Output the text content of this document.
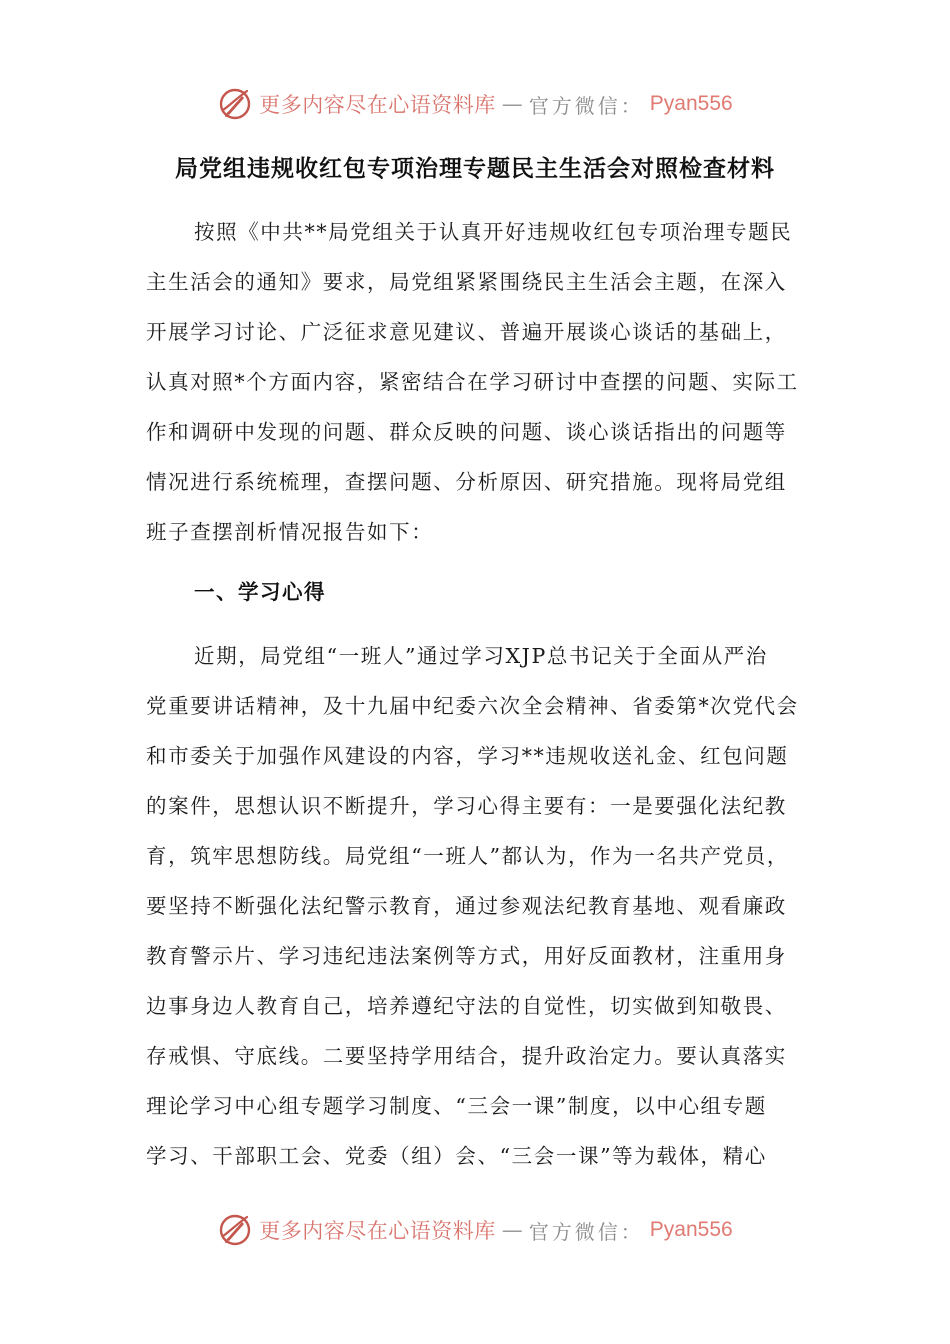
更多内容尽在心语资料库 — 官方微信： Pyan556
局党组违规收红包专项治理专题民主生活会对照检查材料
按照《中共**局党组关于认真开好违规收红包专项治理专题民
主生活会的通知》要求，局党组紧紧围绕民主生活会主题，在深入
开展学习讨论、广泛征求意见建议、普遍开展谈心谈话的基础上，
认真对照*个方面内容，紧密结合在学习研讨中查摆的问题、实际工
作和调研中发现的问题、群众反映的问题、谈心谈话指出的问题等
情况进行系统梳理，查摆问题、分析原因、研究措施。现将局党组
班子查摆剖析情况报告如下：
一、学习心得
近期，局党组“一班人”通过学习XJP总书记关于全面从严治
党重要讲话精神，及十九届中纪委六次全会精神、省委第*次党代会
和市委关于加强作风建设的内容，学习**违规收送礼金、红包问题
的案件，思想认识不断提升，学习心得主要有：一是要强化法纪教
育，筑牢思想防线。局党组“一班人”都认为，作为一名共产党员，
要坚持不断强化法纪警示教育，通过参观法纪教育基地、观看廉政
教育警示片、学习违纪违法案例等方式，用好反面教材，注重用身
边事身边人教育自己，培养遵纪守法的自觉性，切实做到知敬畏、
存戒惧、守底线。二要坚持学用结合，提升政治定力。要认真落实
理论学习中心组专题学习制度、“三会一课”制度，以中心组专题
学习、干部职工会、党委（组）会、“三会一课”等为载体，精心
更多内容尽在心语资料库 — 官方微信： Pyan556
